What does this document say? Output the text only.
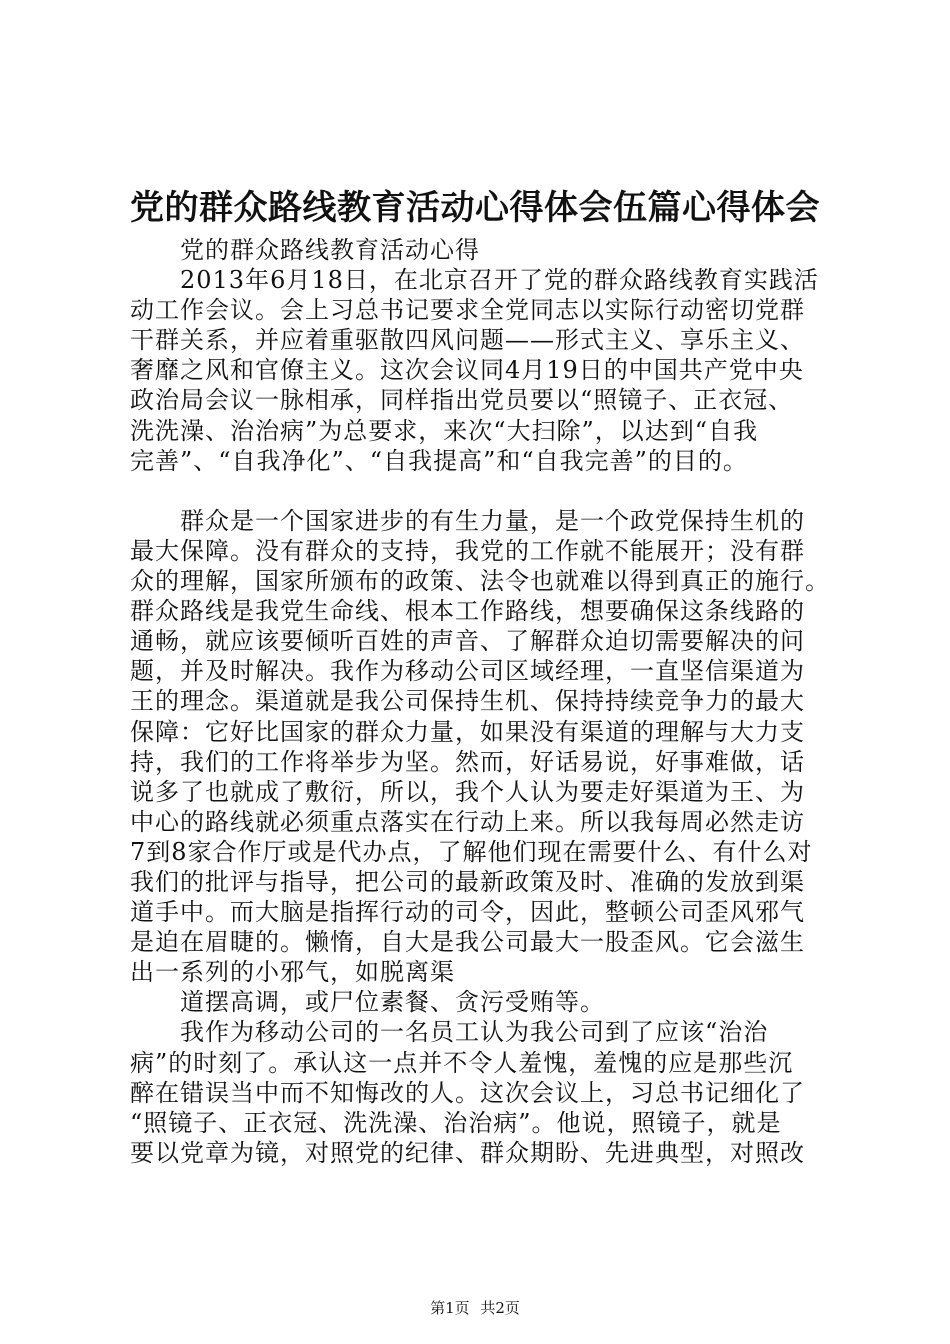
党的群众路线教育活动心得体会伍篇心得体会
党的群众路线教育活动心得
2013年6月18日，在北京召开了党的群众路线教育实践活
动工作会议。会上习总书记要求全党同志以实际行动密切党群
干群关系，并应着重驱散四风问题——形式主义、享乐主义、
奢靡之风和官僚主义。这次会议同4月19日的中国共产党中央
政治局会议一脉相承，同样指出党员要以“照镜子、正衣冠、
洗洗澡、治治病”为总要求，来次“大扫除”，以达到“自我
完善”、“自我净化”、“自我提高”和“自我完善”的目的。
群众是一个国家进步的有生力量，是一个政党保持生机的
最大保障。没有群众的支持，我党的工作就不能展开；没有群
众的理解，国家所颁布的政策、法令也就难以得到真正的施行。
群众路线是我党生命线、根本工作路线，想要确保这条线路的
通畅，就应该要倾听百姓的声音、了解群众迫切需要解决的问
题，并及时解决。我作为移动公司区域经理，一直坚信渠道为
王的理念。渠道就是我公司保持生机、保持持续竞争力的最大
保障：它好比国家的群众力量，如果没有渠道的理解与大力支
持，我们的工作将举步为坚。然而，好话易说，好事难做，话
说多了也就成了敷衍，所以，我个人认为要走好渠道为王、为
中心的路线就必须重点落实在行动上来。所以我每周必然走访
7到8家合作厅或是代办点，了解他们现在需要什么、有什么对
我们的批评与指导，把公司的最新政策及时、准确的发放到渠
道手中。而大脑是指挥行动的司令，因此，整顿公司歪风邪气
是迫在眉睫的。懒惰，自大是我公司最大一股歪风。它会滋生
出一系列的小邪气，如脱离渠
道摆高调，或尸位素餐、贪污受贿等。
我作为移动公司的一名员工认为我公司到了应该“治治
病”的时刻了。承认这一点并不令人羞愧，羞愧的应是那些沉
醉在错误当中而不知悔改的人。这次会议上，习总书记细化了
“照镜子、正衣冠、洗洗澡、治治病”。他说，照镜子，就是
要以党章为镜，对照党的纪律、群众期盼、先进典型，对照改
第1页 共2页
